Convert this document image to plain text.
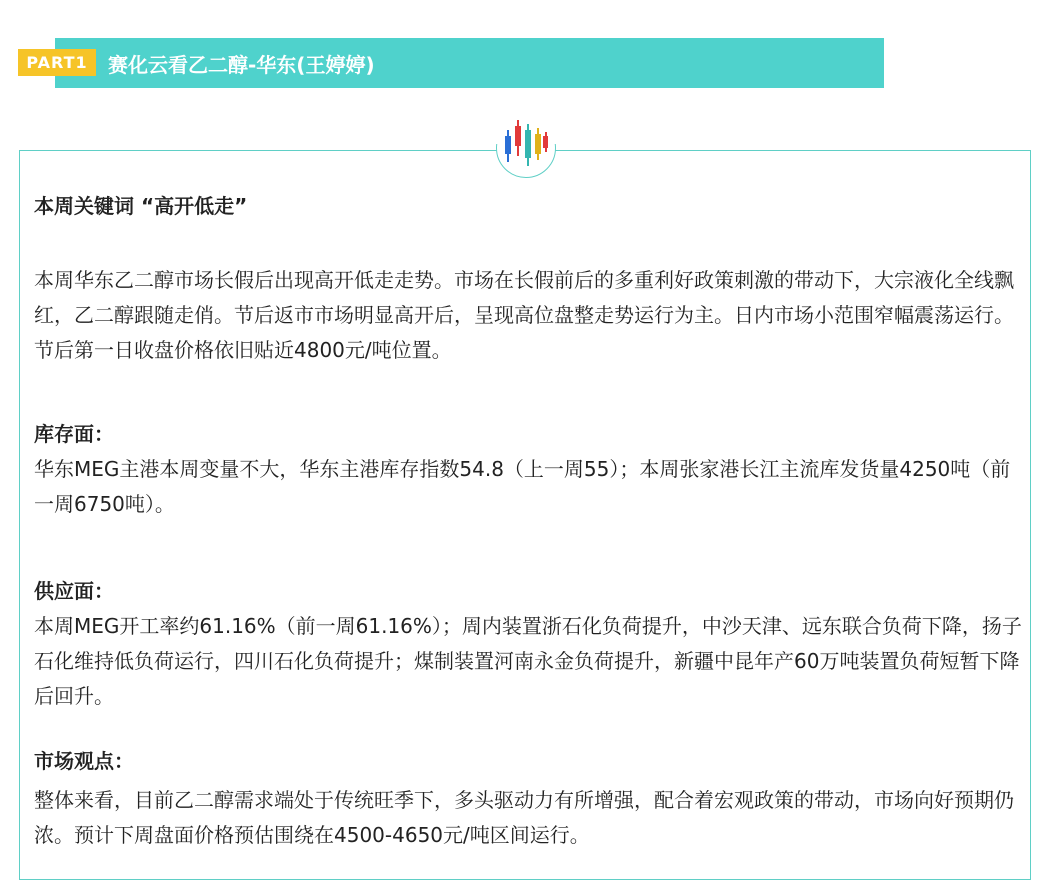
PART1	赛化云看乙二醇-华东(王婷婷)
本周关键词 “高开低走”
本周华东乙二醇市场长假后出现高开低走走势。市场在长假前后的多重利好政策刺激的带动下，大宗液化全线飘红，乙二醇跟随走俏。节后返市市场明显高开后，呈现高位盘整走势运行为主。日内市场小范围窄幅震荡运行。节后第一日收盘价格依旧贴近4800元/吨位置。
库存面：
华东MEG主港本周变量不大，华东主港库存指数54.8（上一周55）；本周张家港长江主流库发货量4250吨（前一周6750吨）。
供应面：
本周MEG开工率约61.16%（前一周61.16%）；周内装置浙石化负荷提升，中沙天津、远东联合负荷下降，扬子石化维持低负荷运行，四川石化负荷提升；煤制装置河南永金负荷提升，新疆中昆年产60万吨装置负荷短暂下降后回升。
市场观点：
整体来看，目前乙二醇需求端处于传统旺季下，多头驱动力有所增强，配合着宏观政策的带动，市场向好预期仍浓。预计下周盘面价格预估围绕在4500-4650元/吨区间运行。
